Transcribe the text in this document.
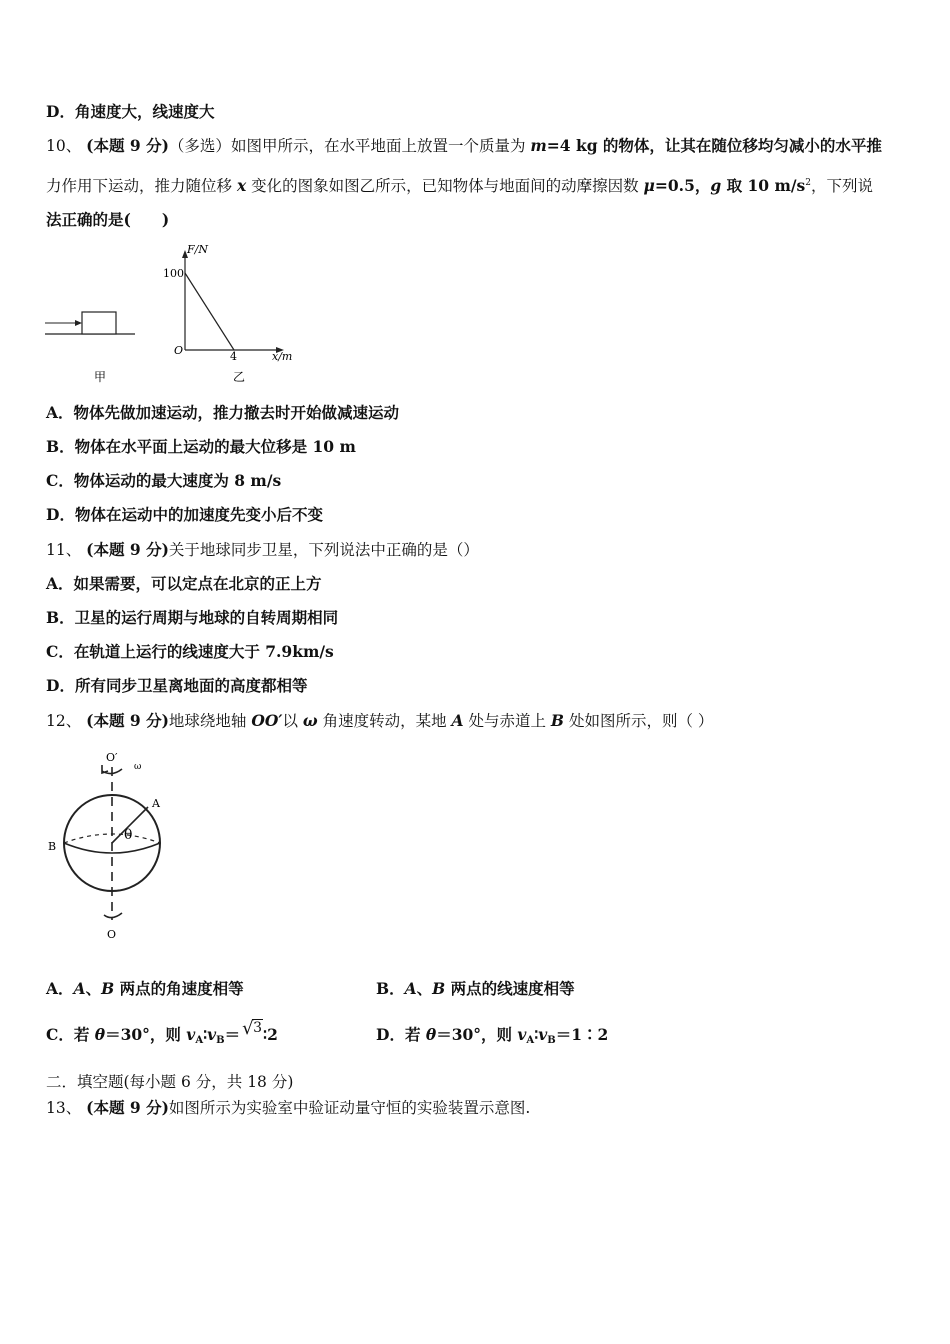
D．角速度大，线速度大
10、 (本题 9 分)（多选）如图甲所示，在水平地面上放置一个质量为 m=4 kg 的物体，让其在随位移均匀减小的水平推
力作用下运动，推力随位移 x 变化的图象如图乙所示，已知物体与地面间的动摩擦因数 μ=0.5，g 取 10 $m/s^2$，下列说
法正确的是(　　)
F/N
100
O	4	x/m
甲	乙
A．物体先做加速运动，推力撤去时开始做减速运动
B．物体在水平面上运动的最大位移是 10 m
C．物体运动的最大速度为 8 m/s
D．物体在运动中的加速度先变小后不变
11、 (本题 9 分)关于地球同步卫星，下列说法中正确的是（）
A．如果需要，可以定点在北京的正上方
B．卫星的运行周期与地球的自转周期相同
C．在轨道上运行的线速度大于 7.9km/s
D．所有同步卫星离地面的高度都相等
12、 (本题 9 分)地球绕地轴 OO′以 ω 角速度转动，某地 A 处与赤道上 B 处如图所示，则（ ）
O′
ω
A
B
θ
O
A．A、B 两点的角速度相等	B．A、B 两点的线速度相等
C．若 θ＝30°，则 $v_A∶v_B=$ √ 3∶2	D．若 θ＝30°，则 $v_A∶v_B=1∶2$
二．填空题(每小题 6 分，共 18 分)
13、 (本题 9 分)如图所示为实验室中验证动量守恒的实验装置示意图.
